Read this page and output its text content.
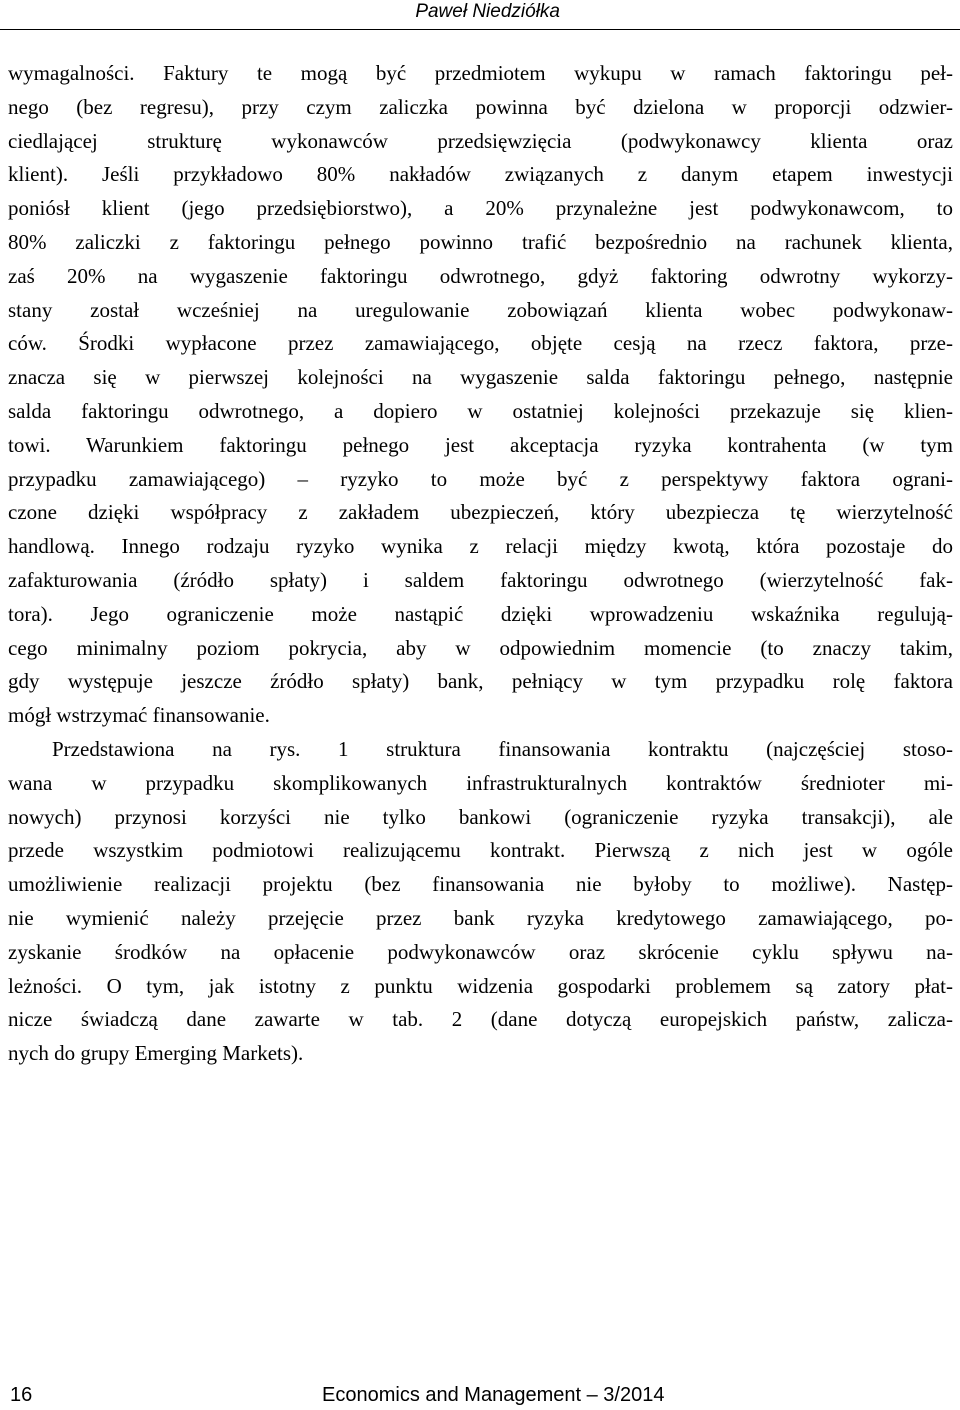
Paweł Niedziółka

wymagalności. Faktury te mogą być przedmiotem wykupu w ramach faktoringu peł-
nego (bez regresu), przy czym zaliczka powinna być dzielona w proporcji odzwier-
ciedlającej strukturę wykonawców przedsięwzięcia (podwykonawcy klienta oraz
klient). Jeśli przykładowo 80% nakładów związanych z danym etapem inwestycji
poniósł klient (jego przedsiębiorstwo), a 20% przynależne jest podwykonawcom, to
80% zaliczki z faktoringu pełnego powinno trafić bezpośrednio na rachunek klienta,
zaś 20% na wygaszenie faktoringu odwrotnego, gdyż faktoring odwrotny wykorzy-
stany został wcześniej na uregulowanie zobowiązań klienta wobec podwykonaw-
ców. Środki wypłacone przez zamawiającego, objęte cesją na rzecz faktora, prze-
znacza się w pierwszej kolejności na wygaszenie salda faktoringu pełnego, następnie
salda faktoringu odwrotnego, a dopiero w ostatniej kolejności przekazuje się klien-
towi. Warunkiem faktoringu pełnego jest akceptacja ryzyka kontrahenta (w tym
przypadku zamawiającego) – ryzyko to może być z perspektywy faktora ograni-
czone dzięki współpracy z zakładem ubezpieczeń, który ubezpiecza tę wierzytelność
handlową. Innego rodzaju ryzyko wynika z relacji między kwotą, która pozostaje do
zafakturowania (źródło spłaty) i saldem faktoringu odwrotnego (wierzytelność fak-
tora). Jego ograniczenie może nastąpić dzięki wprowadzeniu wskaźnika regulują-
cego minimalny poziom pokrycia, aby w odpowiednim momencie (to znaczy takim,
gdy występuje jeszcze źródło spłaty) bank, pełniący w tym przypadku rolę faktora
mógł wstrzymać finansowanie.

Przedstawiona na rys. 1 struktura finansowania kontraktu (najczęściej stoso-
wana w przypadku skomplikowanych infrastrukturalnych kontraktów średnioter mi-
nowych) przynosi korzyści nie tylko bankowi (ograniczenie ryzyka transakcji), ale
przede wszystkim podmiotowi realizującemu kontrakt. Pierwszą z nich jest w ogóle
umożliwienie realizacji projektu (bez finansowania nie byłoby to możliwe). Następ-
nie wymienić należy przejęcie przez bank ryzyka kredytowego zamawiającego, po-
zyskanie środków na opłacenie podwykonawców oraz skrócenie cyklu spływu na-
leżności. O tym, jak istotny z punktu widzenia gospodarki problemem są zatory płat-
nicze świadczą dane zawarte w tab. 2 (dane dotyczą europejskich państw, zalicza-
nych do grupy Emerging Markets).

16	Economics and Management – 3/2014
